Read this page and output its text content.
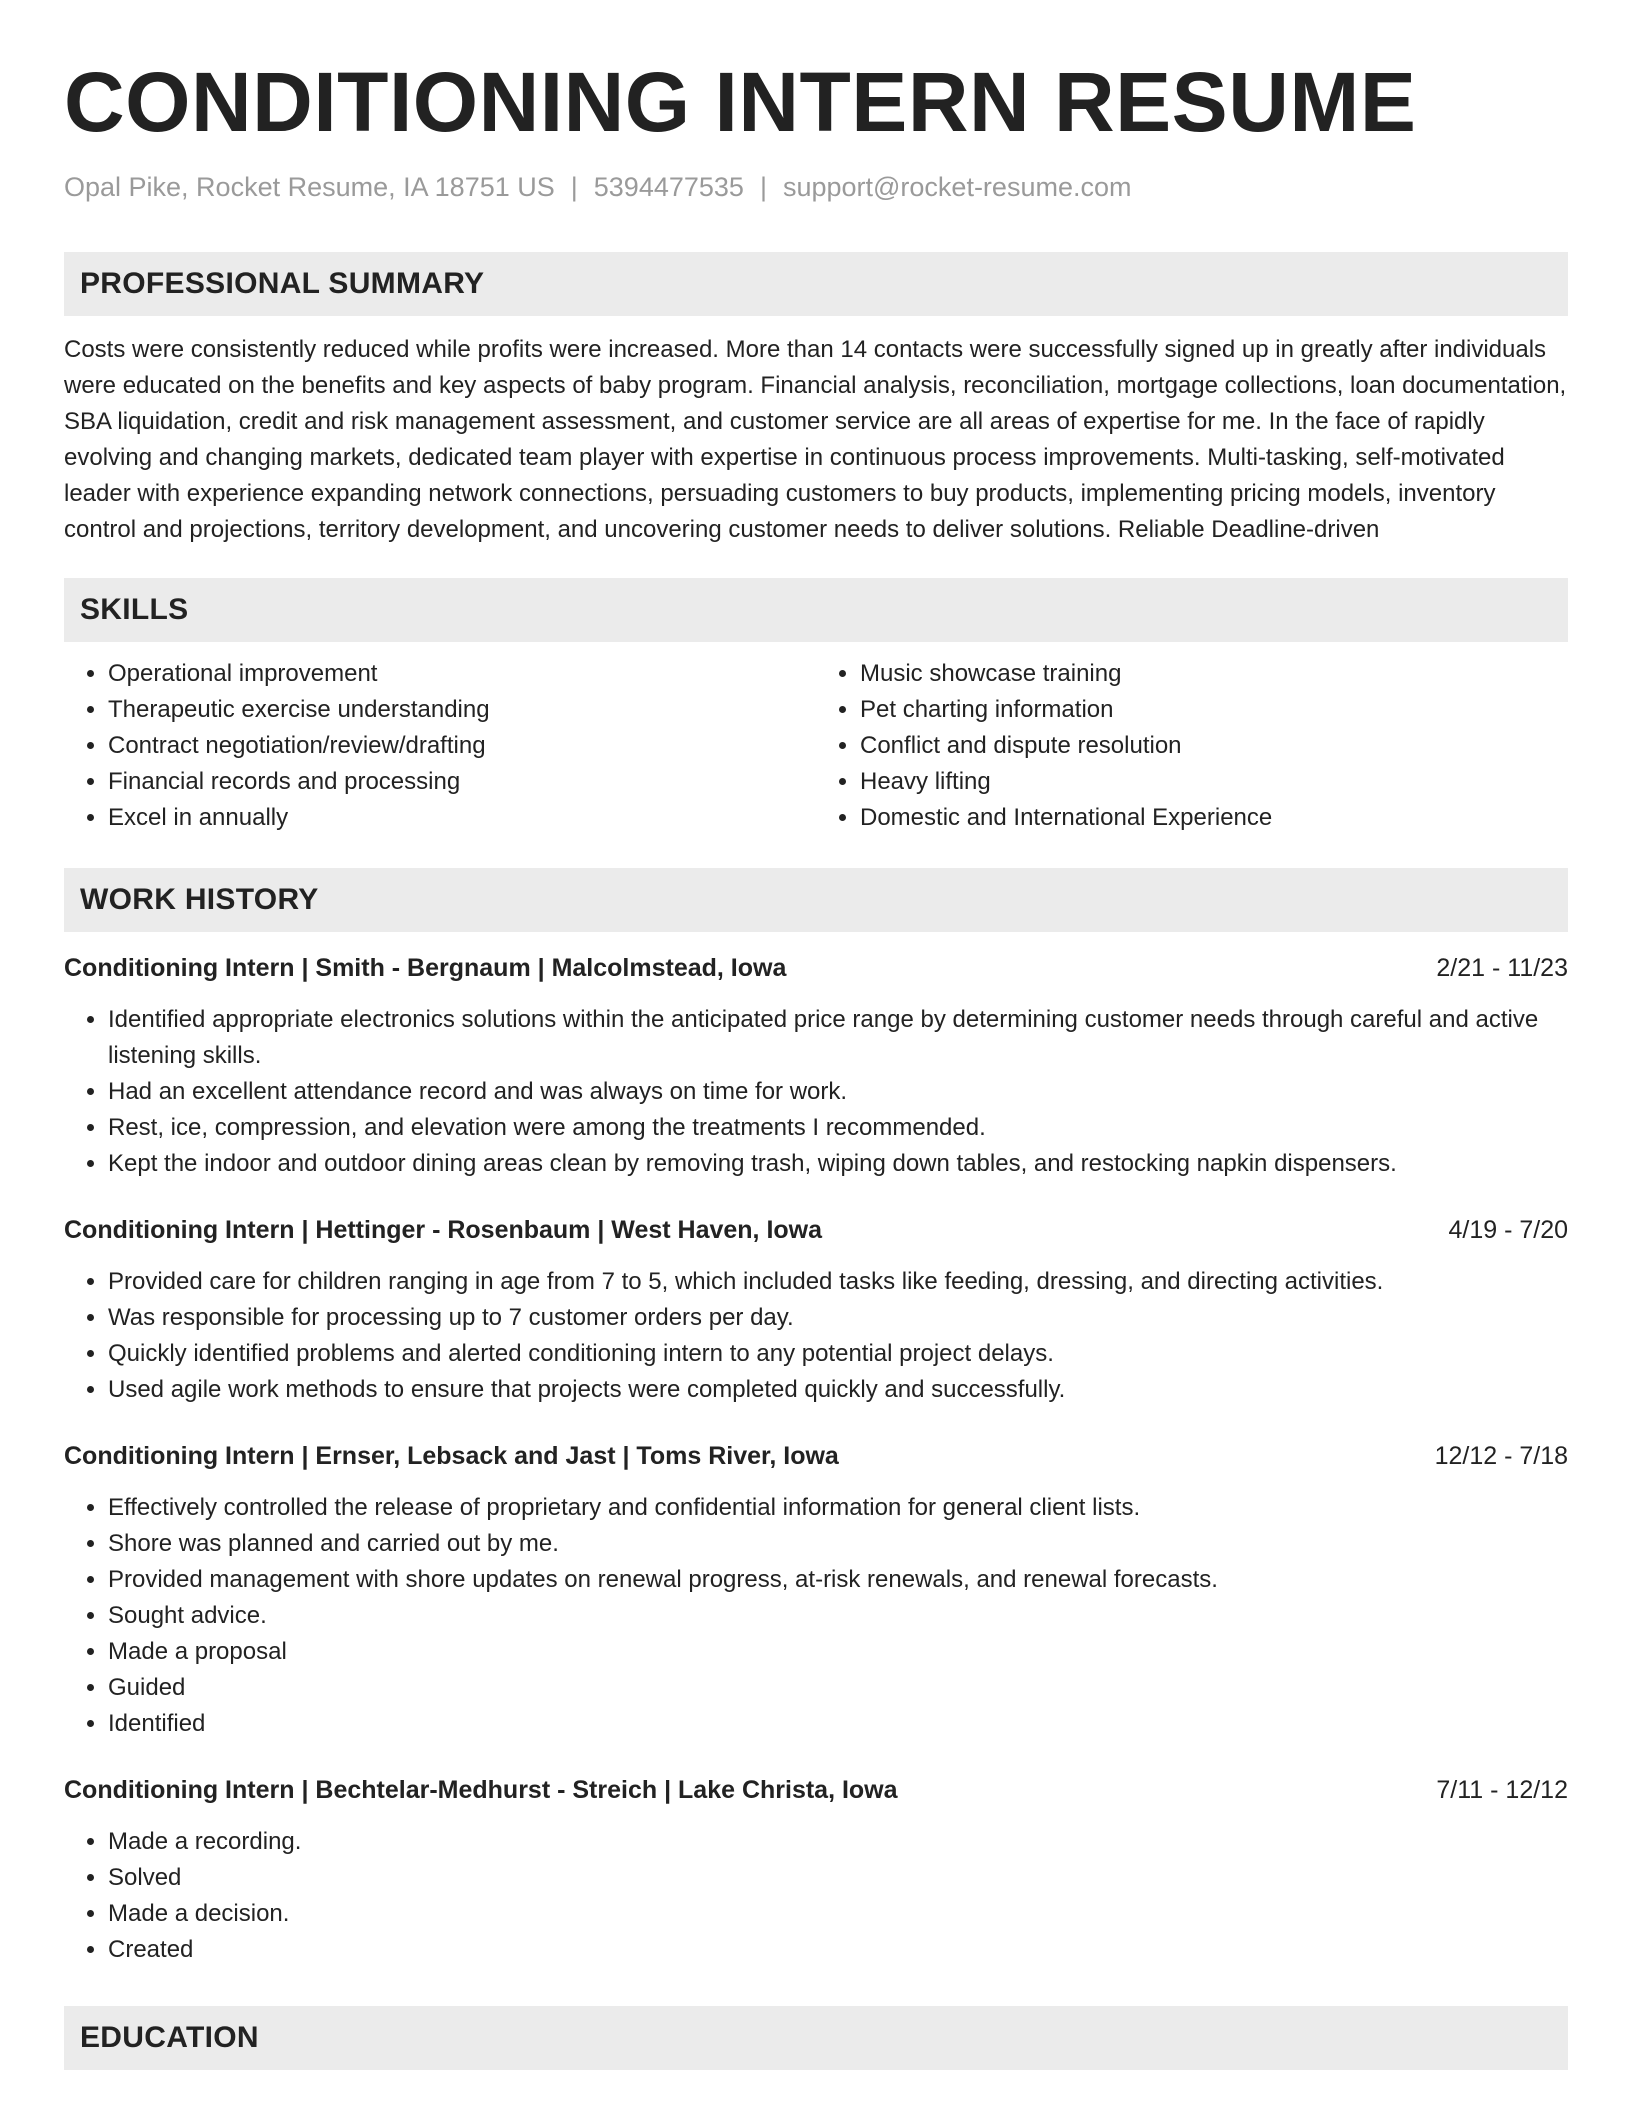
CONDITIONING INTERN RESUME
Opal Pike, Rocket Resume, IA 18751 US | 5394477535 | support@rocket-resume.com
PROFESSIONAL SUMMARY

Costs were consistently reduced while profits were increased. More than 14 contacts were successfully signed up in greatly after individuals were educated on the benefits and key aspects of baby program. Financial analysis, reconciliation, mortgage collections, loan documentation, SBA liquidation, credit and risk management assessment, and customer service are all areas of expertise for me. In the face of rapidly evolving and changing markets, dedicated team player with expertise in continuous process improvements. Multi-tasking, self-motivated leader with experience expanding network connections, persuading customers to buy products, implementing pricing models, inventory control and projections, territory development, and uncovering customer needs to deliver solutions. Reliable Deadline-driven

SKILLS
• Operational improvement
• Therapeutic exercise understanding
• Contract negotiation/review/drafting
• Financial records and processing
• Excel in annually
• Music showcase training
• Pet charting information
• Conflict and dispute resolution
• Heavy lifting
• Domestic and International Experience
WORK HISTORY
Conditioning Intern | Smith - Bergnaum | Malcolmstead, Iowa	2/21 - 11/23
• Identified appropriate electronics solutions within the anticipated price range by determining customer needs through careful and active listening skills.
• Had an excellent attendance record and was always on time for work.
• Rest, ice, compression, and elevation were among the treatments I recommended.
• Kept the indoor and outdoor dining areas clean by removing trash, wiping down tables, and restocking napkin dispensers.
Conditioning Intern | Hettinger - Rosenbaum | West Haven, Iowa	4/19 - 7/20
• Provided care for children ranging in age from 7 to 5, which included tasks like feeding, dressing, and directing activities.
• Was responsible for processing up to 7 customer orders per day.
• Quickly identified problems and alerted conditioning intern to any potential project delays.
• Used agile work methods to ensure that projects were completed quickly and successfully.
Conditioning Intern | Ernser, Lebsack and Jast | Toms River, Iowa	12/12 - 7/18
• Effectively controlled the release of proprietary and confidential information for general client lists.
• Shore was planned and carried out by me.
• Provided management with shore updates on renewal progress, at-risk renewals, and renewal forecasts.
• Sought advice.
• Made a proposal
• Guided
• Identified
Conditioning Intern | Bechtelar-Medhurst - Streich | Lake Christa, Iowa	7/11 - 12/12
• Made a recording.
• Solved
• Made a decision.
• Created
EDUCATION
